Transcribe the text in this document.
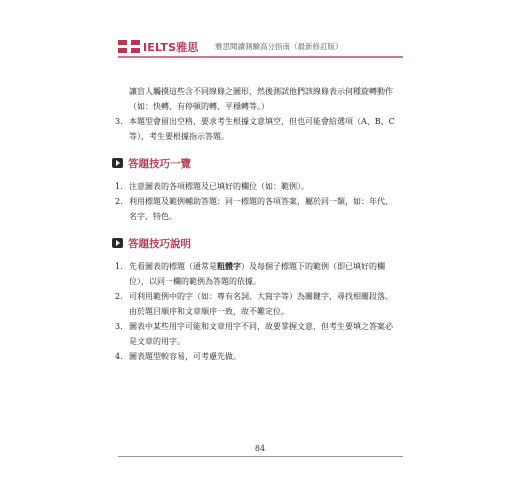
IELTS雅思 雅思閱讀測驗高分指南（最新修訂版）
讓盲人觸摸這些含不同線條之圖形，然後測試他們該線條表示何種旋轉動作
（如：快轉、有停頓的轉、平穩轉等。）
3. 本題型會留出空格，要求考生根據文意填空，但也可能會給選項（A、B、C
等），考生要根據指示答題。
答題技巧一覽
1. 注意圖表的各項標題及已填好的欄位（如：範例）。
2. 利用標題及範例輔助答題：同一標題的各項答案，屬於同一類，如：年代、
名字、特色。
答題技巧說明
1. 先看圖表的標題（通常是粗體字）及每個子標題下的範例（即已填好的欄
位），以同一欄的範例為答題的依據。
2. 可利用範例中的字（如：專有名詞、大寫字等）為關鍵字，尋找相關段落。
由於題目順序和文章順序一致，故不難定位。
3. 圖表中某些用字可能和文章用字不同，故要掌握文意，但考生要填之答案必
是文章的用字。
4. 圖表題型較容易，可考慮先做。
84
